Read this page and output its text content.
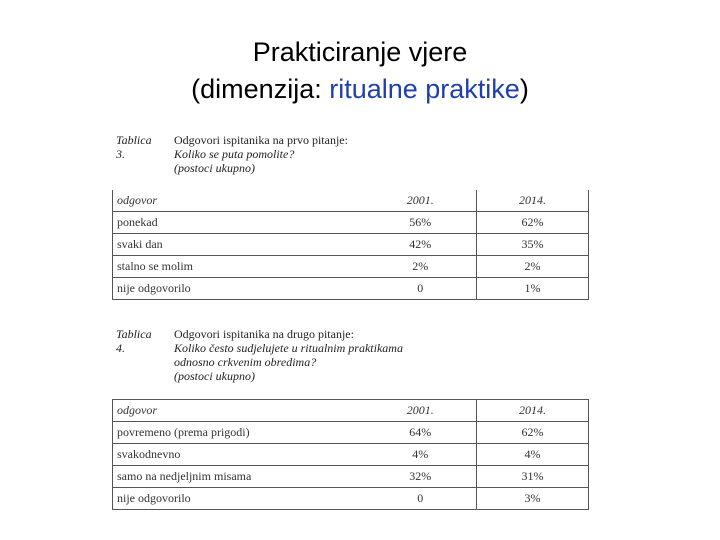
Prakticiranje vjere
(dimenzija: ritualne praktike)
Tablica 3.
Odgovori ispitanika na prvo pitanje:
Koliko se puta pomolite?
(postoci ukupno)
odgovor	2001.	2014.
ponekad	56%	62%
svaki dan	42%	35%
stalno se molim	2%	2%
nije odgovorilo	0	1%
Tablica 4.
Odgovori ispitanika na drugo pitanje:
Koliko često sudjelujete u ritualnim praktikama
odnosno crkvenim obredima?
(postoci ukupno)
odgovor	2001.	2014.
povremeno (prema prigodi)	64%	62%
svakodnevno	4%	4%
samo na nedjeljnim misama	32%	31%
nije odgovorilo	0	3%
